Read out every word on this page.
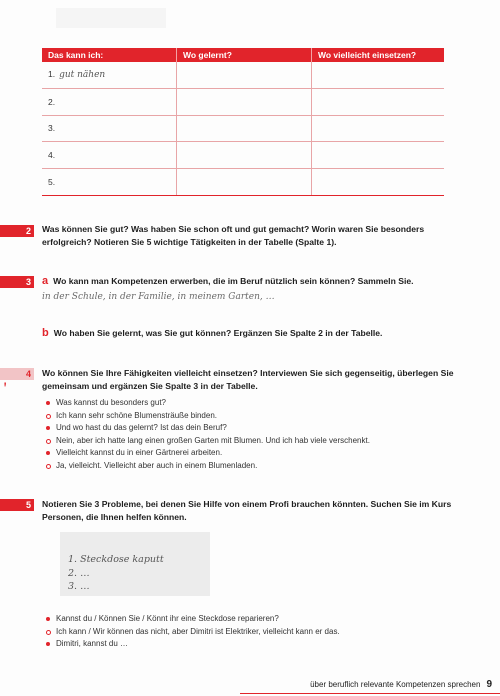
Das kann ich:	Wo gelernt?	Wo vielleicht einsetzen?
1. gut nähen		
2.		
3.		
4.		
5.		
2	Was können Sie gut? Was haben Sie schon oft und gut gemacht? Worin waren Sie besonders erfolgreich? Notieren Sie 5 wichtige Tätigkeiten in der Tabelle (Spalte 1).
3 a Wo kann man Kompetenzen erwerben, die im Beruf nützlich sein können? Sammeln Sie.
in der Schule, in der Familie, in meinem Garten, …
b Wo haben Sie gelernt, was Sie gut können? Ergänzen Sie Spalte 2 in der Tabelle.
4
ꞋꞋ
Wo können Sie Ihre Fähigkeiten vielleicht einsetzen? Interviewen Sie sich gegenseitig, überlegen Sie gemeinsam und ergänzen Sie Spalte 3 in der Tabelle.
Was kannst du besonders gut?
Ich kann sehr schöne Blumensträuße binden.
Und wo hast du das gelernt? Ist das dein Beruf?
Nein, aber ich hatte lang einen großen Garten mit Blumen. Und ich hab viele verschenkt.
Vielleicht kannst du in einer Gärtnerei arbeiten.
Ja, vielleicht. Vielleicht aber auch in einem Blumenladen.
5	Notieren Sie 3 Probleme, bei denen Sie Hilfe von einem Profi brauchen könnten. Suchen Sie im Kurs Personen, die Ihnen helfen können.
1. Steckdose kaputt
2. …
3. …
Kannst du / Können Sie / Könnt ihr eine Steckdose reparieren?
Ich kann / Wir können das nicht, aber Dimitri ist Elektriker, vielleicht kann er das.
Dimitri, kannst du …
über beruflich relevante Kompetenzen sprechen 9
